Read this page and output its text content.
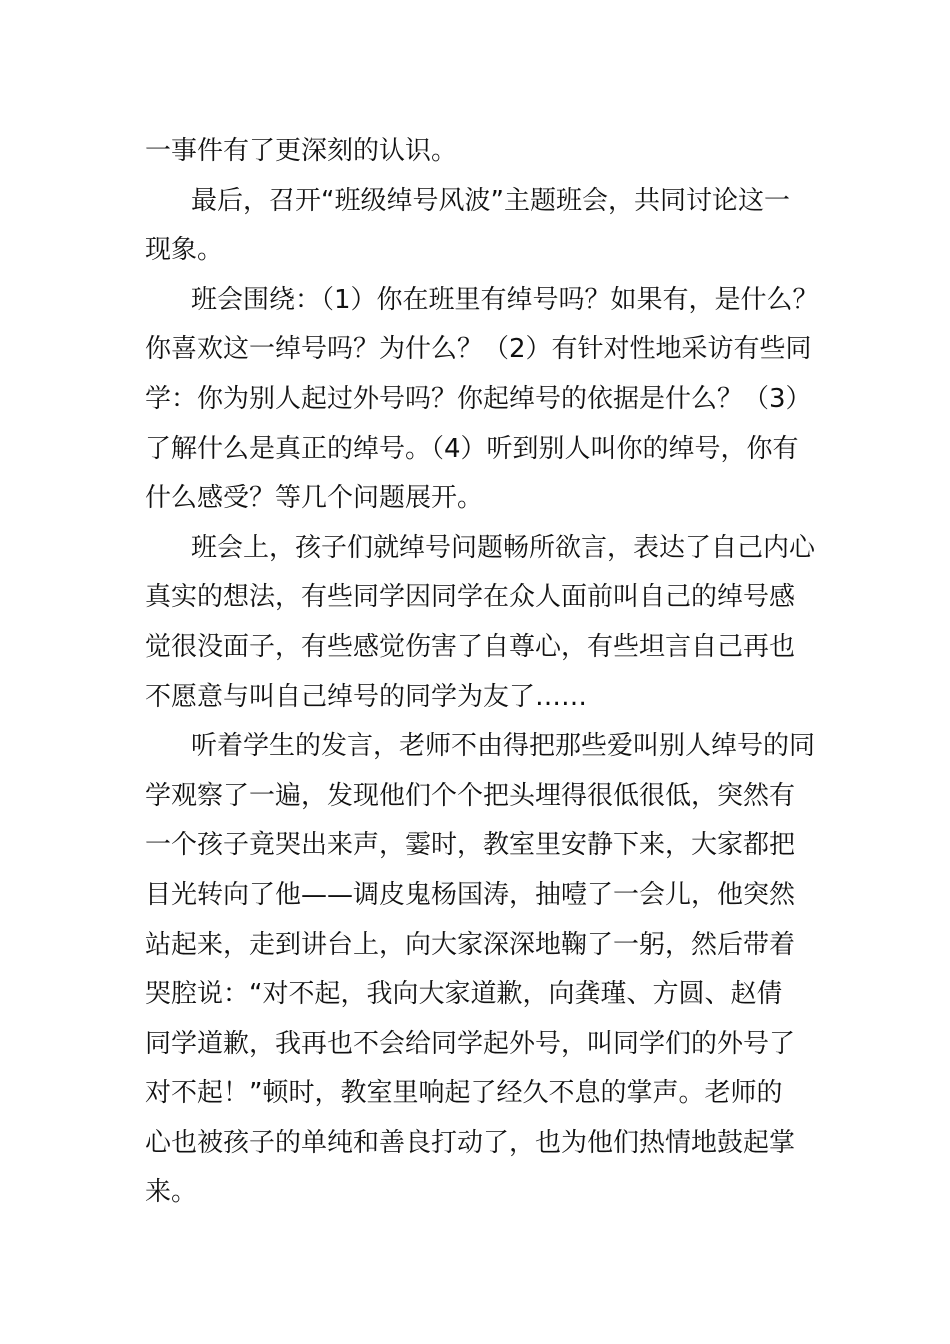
一事件有了更深刻的认识。

最后，召开“班级绰号风波”主题班会，共同讨论这一
现象。

班会围绕：（1）你在班里有绰号吗？如果有，是什么？
你喜欢这一绰号吗？为什么？（2）有针对性地采访有些同
学：你为别人起过外号吗？你起绰号的依据是什么？（3）
了解什么是真正的绰号。（4）听到别人叫你的绰号，你有
什么感受？等几个问题展开。

班会上，孩子们就绰号问题畅所欲言，表达了自己内心
真实的想法，有些同学因同学在众人面前叫自己的绰号感
觉很没面子，有些感觉伤害了自尊心，有些坦言自己再也
不愿意与叫自己绰号的同学为友了……

听着学生的发言，老师不由得把那些爱叫别人绰号的同
学观察了一遍，发现他们个个把头埋得很低很低，突然有
一个孩子竟哭出来声，霎时，教室里安静下来，大家都把
目光转向了他——调皮鬼杨国涛，抽噎了一会儿，他突然
站起来，走到讲台上，向大家深深地鞠了一躬，然后带着
哭腔说：“对不起，我向大家道歉，向龚瑾、方圆、赵倩
同学道歉，我再也不会给同学起外号，叫同学们的外号了
对不起！”顿时，教室里响起了经久不息的掌声。老师的
心也被孩子的单纯和善良打动了，也为他们热情地鼓起掌
来。
